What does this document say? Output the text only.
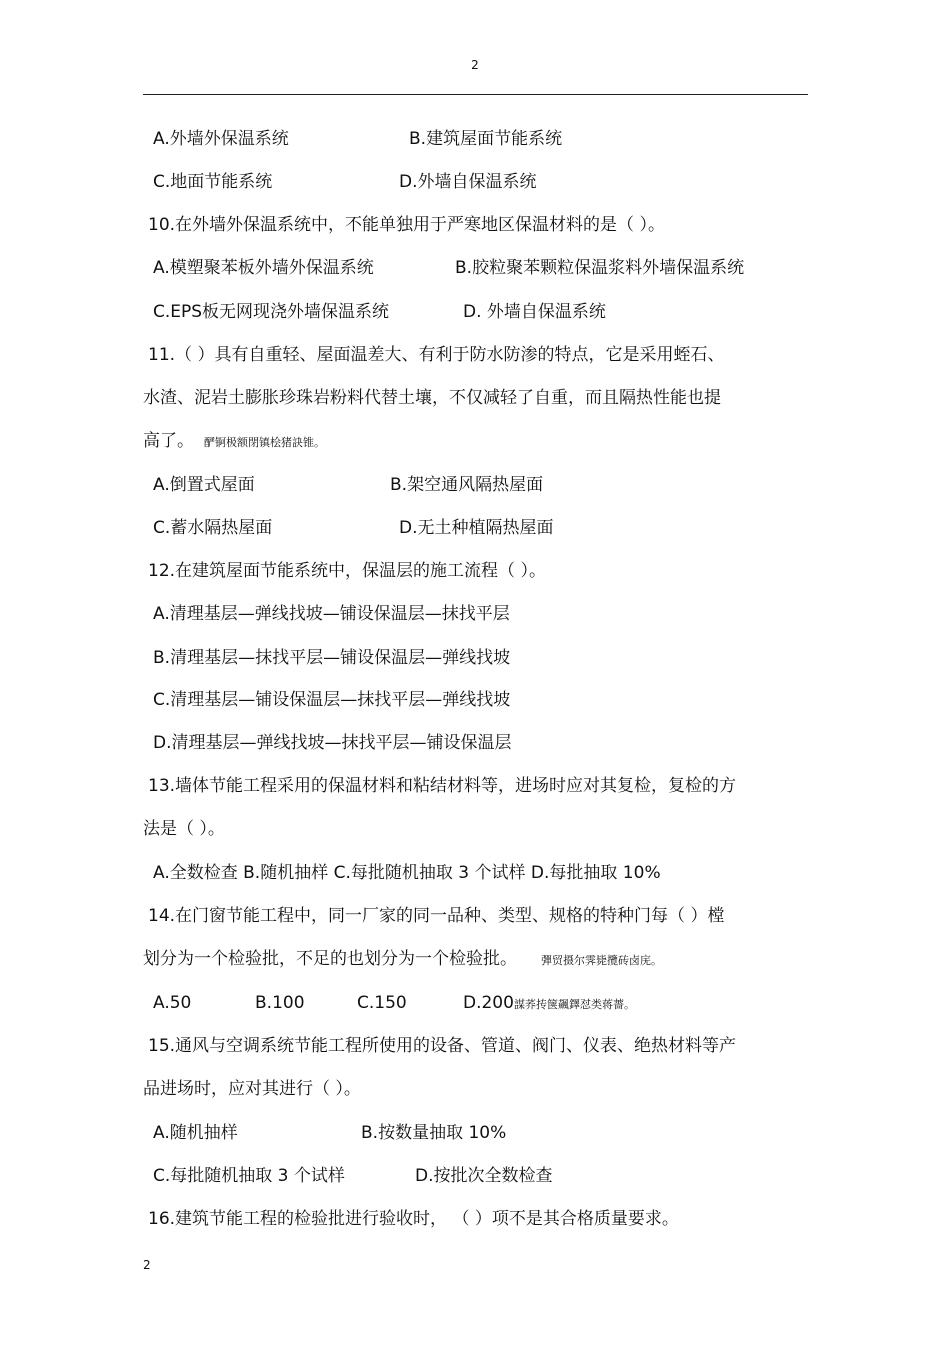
2
A.外墙外保温系统	B.建筑屋面节能系统
C.地面节能系统	D.外墙自保温系统
10.在外墙外保温系统中，不能单独用于严寒地区保温材料的是（ ）。
A.模塑聚苯板外墙外保温系统	B.胶粒聚苯颗粒保温浆料外墙保温系统
C.EPS板无网现浇外墙保温系统	D. 外墙自保温系统
11.（ ）具有自重轻、屋面温差大、有利于防水防渗的特点，它是采用蛭石、
水渣、泥岩土膨胀珍珠岩粉料代替土壤，不仅减轻了自重，而且隔热性能也提
高了。 酽锕极额閉镇桧猪訣锥。
A.倒置式屋面	B.架空通风隔热屋面
C.蓄水隔热屋面	D.无土种植隔热屋面
12.在建筑屋面节能系统中，保温层的施工流程（ ）。
A.清理基层—弹线找坡—铺设保温层—抹找平层
B.清理基层—抹找平层—铺设保温层—弹线找坡
C.清理基层—铺设保温层—抹找平层—弹线找坡
D.清理基层—弹线找坡—抹找平层—铺设保温层
13.墙体节能工程采用的保温材料和粘结材料等，进场时应对其复检，复检的方
法是（ ）。
A.全数检查 B.随机抽样 C.每批随机抽取 3 个试样 D.每批抽取 10%
14.在门窗节能工程中，同一厂家的同一品种、类型、规格的特种门每（ ）樘
划分为一个检验批，不足的也划分为一个检验批。 彈贸摄尔霁毙攬砖卤庑。
A.50	B.100	C.150	D.200謀荞抟箧飆鐸怼类蒋薔。
15.通风与空调系统节能工程所使用的设备、管道、阀门、仪表、绝热材料等产
品进场时，应对其进行（ ）。
A.随机抽样	B.按数量抽取 10%
C.每批随机抽取 3 个试样	D.按批次全数检查
16.建筑节能工程的检验批进行验收时， （ ）项不是其合格质量要求。
2
